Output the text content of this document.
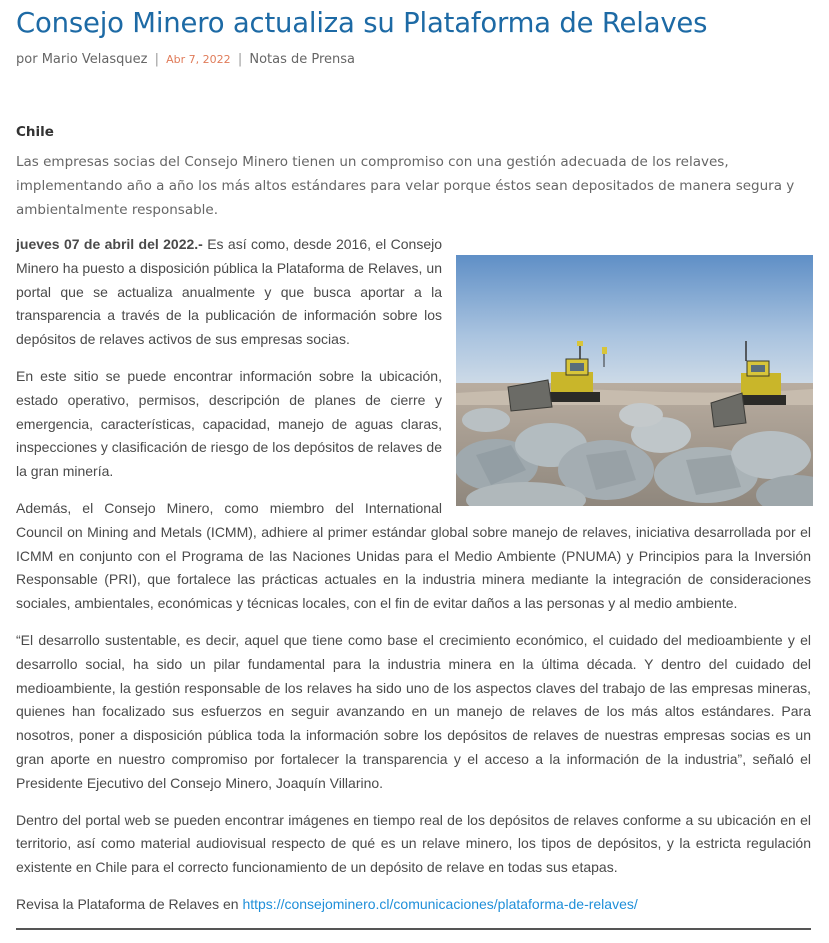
Consejo Minero actualiza su Plataforma de Relaves
por Mario Velasquez | Abr 7, 2022 | Notas de Prensa
Chile

Las empresas socias del Consejo Minero tienen un compromiso con una gestión adecuada de los relaves, implementando año a año los más altos estándares para velar porque éstos sean depositados de manera segura y ambientalmente responsable.

jueves 07 de abril del 2022.- Es así como, desde 2016, el Consejo Minero ha puesto a disposición pública la Plataforma de Relaves, un portal que se actualiza anualmente y que busca aportar a la transparencia a través de la publicación de información sobre los depósitos de relaves activos de sus empresas socias.

En este sitio se puede encontrar información sobre la ubicación, estado operativo, permisos, descripción de planes de cierre y emergencia, características, capacidad, manejo de aguas claras, inspecciones y clasificación de riesgo de los depósitos de relaves de la gran minería.

Además, el Consejo Minero, como miembro del International Council on Mining and Metals (ICMM), adhiere al primer estándar global sobre manejo de relaves, iniciativa desarrollada por el ICMM en conjunto con el Programa de las Naciones Unidas para el Medio Ambiente (PNUMA) y Principios para la Inversión Responsable (PRI), que fortalece las prácticas actuales en la industria minera mediante la integración de consideraciones sociales, ambientales, económicas y técnicas locales, con el fin de evitar daños a las personas y al medio ambiente.

“El desarrollo sustentable, es decir, aquel que tiene como base el crecimiento económico, el cuidado del medioambiente y el desarrollo social, ha sido un pilar fundamental para la industria minera en la última década. Y dentro del cuidado del medioambiente, la gestión responsable de los relaves ha sido uno de los aspectos claves del trabajo de las empresas mineras, quienes han focalizado sus esfuerzos en seguir avanzando en un manejo de relaves de los más altos estándares. Para nosotros, poner a disposición pública toda la información sobre los depósitos de relaves de nuestras empresas socias es un gran aporte en nuestro compromiso por fortalecer la transparencia y el acceso a la información de la industria”, señaló el Presidente Ejecutivo del Consejo Minero, Joaquín Villarino.

Dentro del portal web se pueden encontrar imágenes en tiempo real de los depósitos de relaves conforme a su ubicación en el territorio, así como material audiovisual respecto de qué es un relave minero, los tipos de depósitos, y la estricta regulación existente en Chile para el correcto funcionamiento de un depósito de relave en todas sus etapas.

Revisa la Plataforma de Relaves en https://consejominero.cl/comunicaciones/plataforma-de-relaves/
